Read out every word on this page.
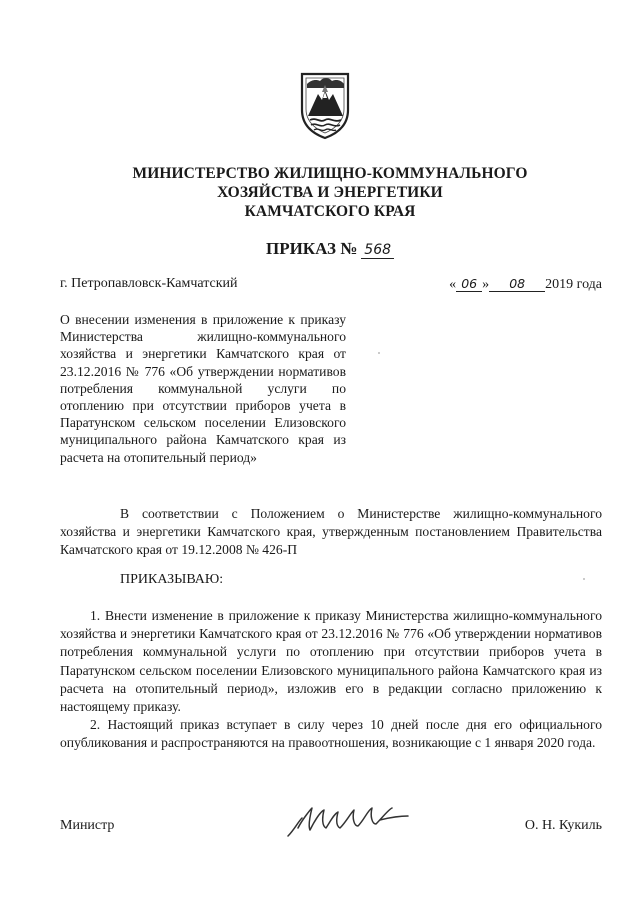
МИНИСТЕРСТВО ЖИЛИЩНО-КОММУНАЛЬНОГО
ХОЗЯЙСТВА И ЭНЕРГЕТИКИ
КАМЧАТСКОГО КРАЯ
ПРИКАЗ № 568
г. Петропавловск-Камчатский	« 06 » 08 2019 года
О внесении изменения в приложение к приказу Министерства жилищно-коммунального хозяйства и энергетики Камчатского края от 23.12.2016 № 776 «Об утверждении нормативов потребления коммунальной услуги по отоплению при отсутствии приборов учета в Паратунском сельском поселении Елизовского муниципального района Камчатского края из расчета на отопительный период»
В соответствии с Положением о Министерстве жилищно-коммунального хозяйства и энергетики Камчатского края, утвержденным постановлением Правительства Камчатского края от 19.12.2008 № 426-П
ПРИКАЗЫВАЮ:
1. Внести изменение в приложение к приказу Министерства жилищно-коммунального хозяйства и энергетики Камчатского края от 23.12.2016 № 776 «Об утверждении нормативов потребления коммунальной услуги по отоплению при отсутствии приборов учета в Паратунском сельском поселении Елизовского муниципального района Камчатского края из расчета на отопительный период», изложив его в редакции согласно приложению к настоящему приказу.
2. Настоящий приказ вступает в силу через 10 дней после дня его официального опубликования и распространяются на правоотношения, возникающие с 1 января 2020 года.
Министр	О. Н. Кукиль
